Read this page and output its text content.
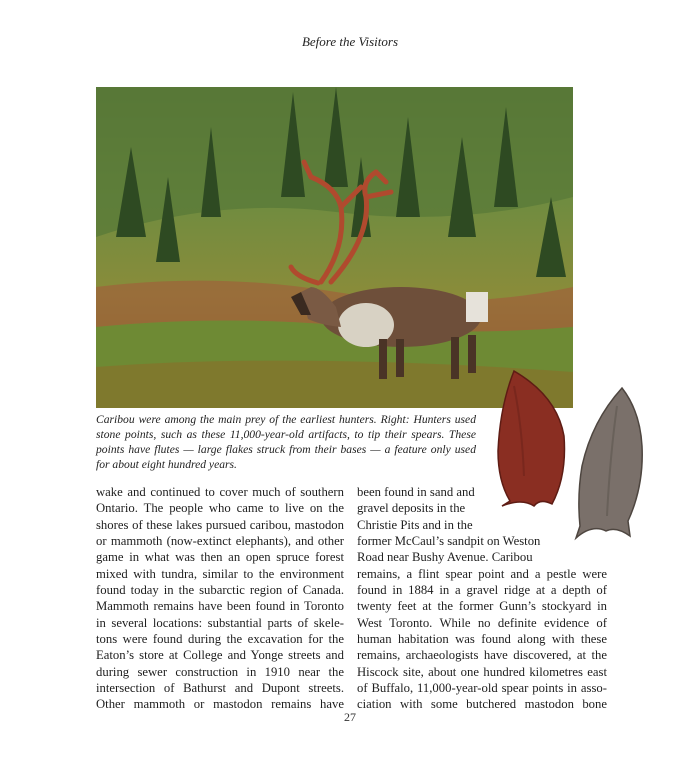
Before the Visitors
Caribou were among the main prey of the earliest hunters. Right: Hunters used stone points, such as these 11,000-year-old artifacts, to tip their spears. These points have flutes — large flakes struck from their bases — a feature only used for about eight hundred years.
wake and continued to cover much of southern
Ontario. The people who came to live on the
shores of these lakes pursued caribou, mastodon
or mammoth (now-extinct elephants), and other
game in what was then an open spruce forest
mixed with tundra, similar to the environment
found today in the subarctic region of Canada.
Mammoth remains have been found in Toronto
in several locations: substantial parts of skele-
tons were found during the excavation for the
Eaton’s store at College and Yonge streets and
during sewer construction in 1910 near the
intersection of Bathurst and Dupont streets.
Other mammoth or mastodon remains have
been found in sand and
gravel deposits in the
Christie Pits and in the
former McCaul’s sandpit on Weston
Road near Bushy Avenue. Caribou
remains, a flint spear point and a pestle were
found in 1884 in a gravel ridge at a depth of
twenty feet at the former Gunn’s stockyard in
West Toronto. While no definite evidence of
human habitation was found along with these
remains, archaeologists have discovered, at the
Hiscock site, about one hundred kilometres east
of Buffalo, 11,000-year-old spear points in asso-
ciation with some butchered mastodon bone
27
